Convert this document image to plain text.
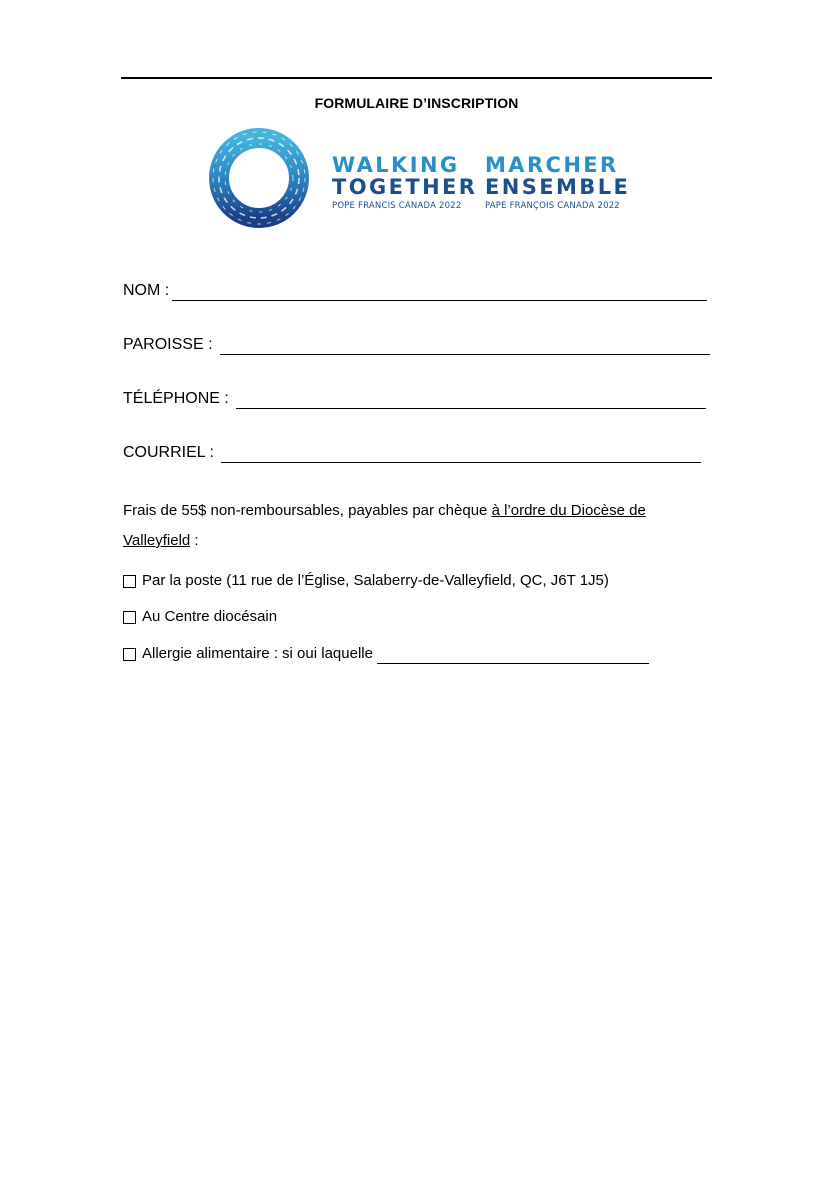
FORMULAIRE D’INSCRIPTION
WALKING
TOGETHER
POPE FRANCIS CANADA 2022
MARCHER
ENSEMBLE
PAPE FRANÇOIS CANADA 2022
NOM :
PAROISSE :
TÉLÉPHONE :
COURRIEL :
Frais de 55$ non-remboursables, payables par chèque à l’ordre du Diocèse de Valleyfield :
Par la poste (11 rue de l’Église, Salaberry-de-Valleyfield, QC, J6T 1J5)
Au Centre diocésain
Allergie alimentaire : si oui laquelle
